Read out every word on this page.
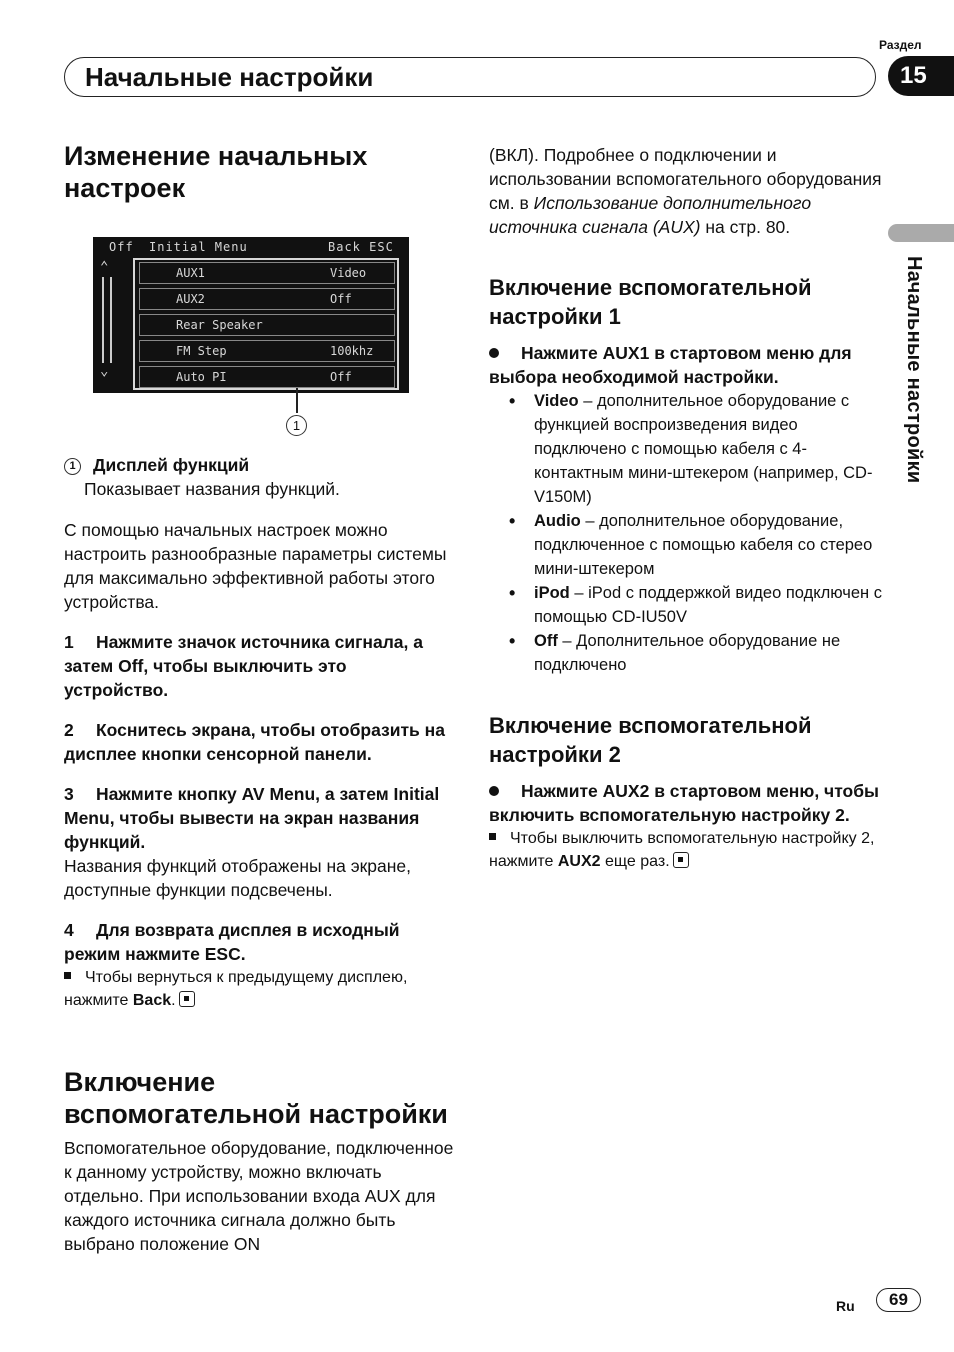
Раздел
Начальные настройки	15
Начальные настройки
Изменение начальных настроек
Off Initial Menu	Back ESC
⌃
⌄
AUX1	Video
AUX2	Off
Rear Speaker
FM Step	100khz
Auto PI	Off
1

1 Дисплей функций

Показывает названия функций.

С помощью начальных настроек можно настроить разнообразные параметры системы для максимально эффективной работы этого устройства.

1 Нажмите значок источника сигнала, а затем Off, чтобы выключить это устройство.

2 Коснитесь экрана, чтобы отобразить на дисплее кнопки сенсорной панели.

3 Нажмите кнопку AV Menu, а затем Initial Menu, чтобы вывести на экран названия функций.

Названия функций отображены на экране, доступные функции подсвечены.

4 Для возврата дисплея в исходный режим нажмите ESC.

Чтобы вернуться к предыдущему дисплею, нажмите Back.

Включение вспомогательной настройки

Вспомогательное оборудование, подключенное к данному устройству, можно включать отдельно. При использовании входа AUX для каждого источника сигнала должно быть выбрано положение ON

(ВКЛ). Подробнее о подключении и использовании вспомогательного оборудования см. в Использование дополнительного источника сигнала (AUX) на стр. 80.

Включение вспомогательной настройки 1

Нажмите AUX1 в стартовом меню для выбора необходимой настройки.

• Video – дополнительное оборудование с функцией воспроизведения видео подключено с помощью кабеля с 4-контактным мини-штекером (например, CD-V150M)
• Audio – дополнительное оборудование, подключенное с помощью кабеля со стерео мини-штекером
• iPod – iPod с поддержкой видео подключен с помощью CD-IU50V
• Off – Дополнительное оборудование не подключено
Включение вспомогательной настройки 2

Нажмите AUX2 в стартовом меню, чтобы включить вспомогательную настройку 2.

Чтобы выключить вспомогательную настройку 2, нажмите AUX2 еще раз.

Ru	69
